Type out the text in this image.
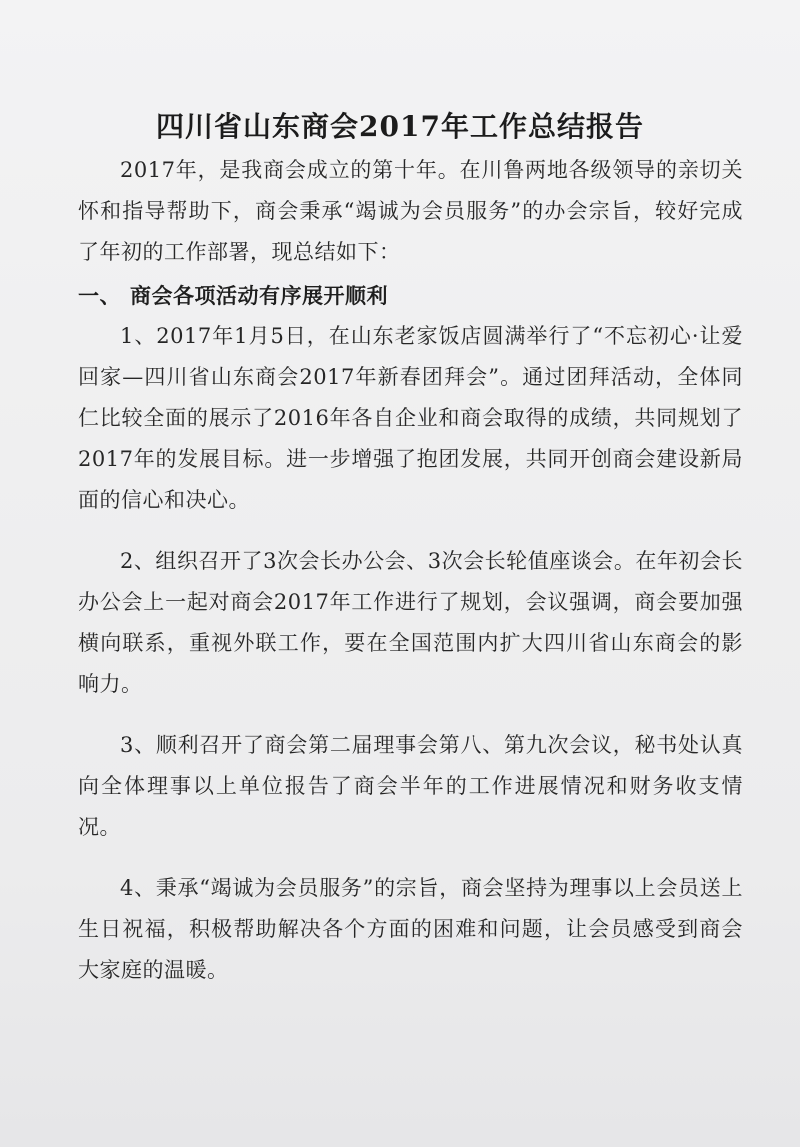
四川省山东商会2017年工作总结报告

2017年，是我商会成立的第十年。在川鲁两地各级领导的亲切关怀和指导帮助下，商会秉承“竭诚为会员服务”的办会宗旨，较好完成了年初的工作部署，现总结如下：

一、 商会各项活动有序展开顺利

1、2017年1月5日，在山东老家饭店圆满举行了“不忘初心·让爱回家—四川省山东商会2017年新春团拜会”。通过团拜活动，全体同仁比较全面的展示了2016年各自企业和商会取得的成绩，共同规划了2017年的发展目标。进一步增强了抱团发展，共同开创商会建设新局面的信心和决心。

2、组织召开了3次会长办公会、3次会长轮值座谈会。在年初会长办公会上一起对商会2017年工作进行了规划，会议强调，商会要加强横向联系，重视外联工作，要在全国范围内扩大四川省山东商会的影响力。

3、顺利召开了商会第二届理事会第八、第九次会议，秘书处认真向全体理事以上单位报告了商会半年的工作进展情况和财务收支情况。

4、秉承“竭诚为会员服务”的宗旨，商会坚持为理事以上会员送上生日祝福，积极帮助解决各个方面的困难和问题，让会员感受到商会大家庭的温暖。
